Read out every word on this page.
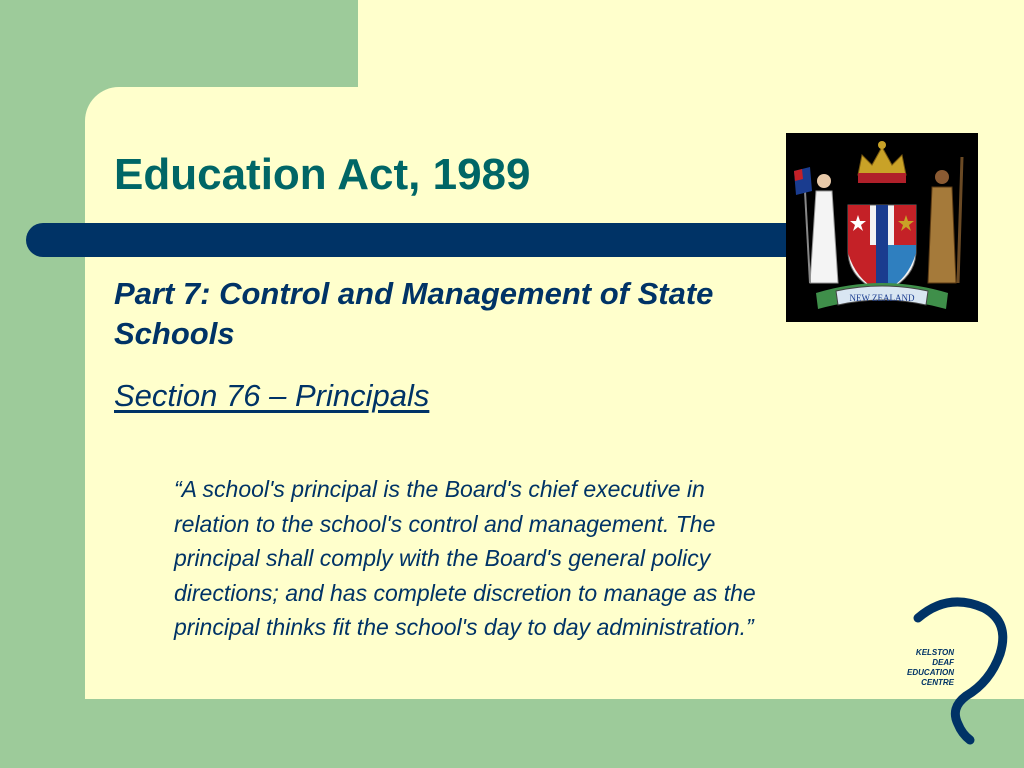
Education Act, 1989

Part 7: Control and Management of State Schools

Section 76 – Principals

“A school's principal is the Board's chief executive in relation to the school's control and management. The principal shall comply with the Board's general policy directions; and has complete discretion to manage as the principal thinks fit the school's day to day administration.”

NEW ZEALAND
KELSTON
DEAF
EDUCATION
CENTRE
